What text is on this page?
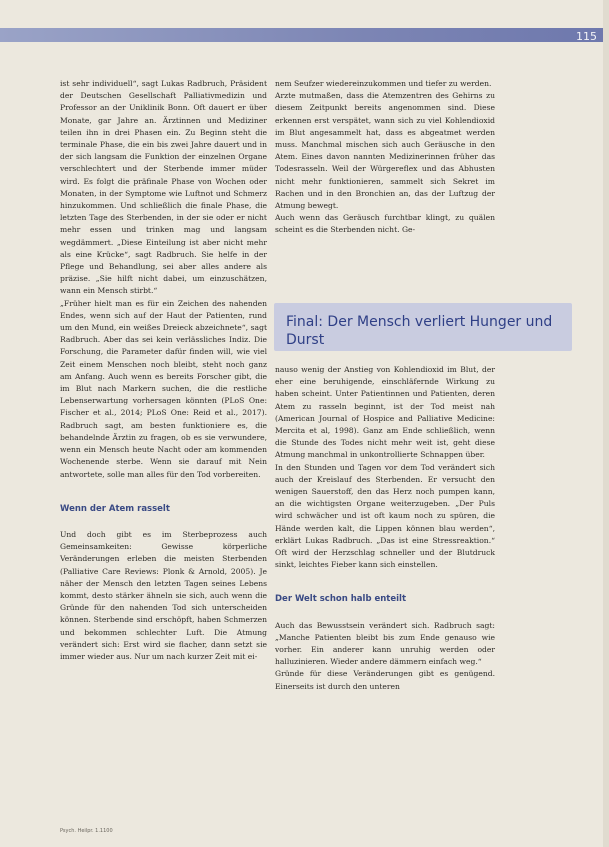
115

ist sehr individuell“, sagt Lukas Radbruch, Präsident der Deutschen Gesellschaft Palliativmedizin und Professor an der Uniklinik Bonn. Oft dauert er über Monate, gar Jahre an. Ärztinnen und Mediziner teilen ihn in drei Phasen ein. Zu Beginn steht die terminale Phase, die ein bis zwei Jahre dauert und in der sich langsam die Funktion der einzelnen Organe verschlechtert und der Sterbende immer müder wird. Es folgt die präfinale Phase von Wochen oder Monaten, in der Symptome wie Luftnot und Schmerz hinzukommen. Und schließlich die finale Phase, die letzten Tage des Sterbenden, in der sie oder er nicht mehr essen und trinken mag und langsam wegdämmert. „Diese Einteilung ist aber nicht mehr als eine Krücke“, sagt Radbruch. Sie helfe in der Pflege und Behandlung, sei aber alles andere als präzise. „Sie hilft nicht dabei, um einzuschätzen, wann ein Mensch stirbt.“

„Früher hielt man es für ein Zeichen des nahenden Endes, wenn sich auf der Haut der Patienten, rund um den Mund, ein weißes Dreieck abzeichnete“, sagt Radbruch. Aber das sei kein verlässliches Indiz. Die Forschung, die Parameter dafür finden will, wie viel Zeit einem Menschen noch bleibt, steht noch ganz am Anfang. Auch wenn es bereits Forscher gibt, die im Blut nach Markern suchen, die die restliche Lebenserwartung vorhersagen könnten (PLoS One: Fischer et al., 2014; PLoS One: Reid et al., 2017). Radbruch sagt, am besten funktioniere es, die behandelnde Ärztin zu fragen, ob es sie verwundere, wenn ein Mensch heute Nacht oder am kommenden Wochenende sterbe. Wenn sie darauf mit Nein antwortete, solle man alles für den Tod vorbereiten.

Wenn der Atem rasselt

Und doch gibt es im Sterbeprozess auch Gemeinsamkeiten: Gewisse körperliche Veränderungen erleben die meisten Sterbenden (Palliative Care Reviews: Plonk & Arnold, 2005). Je näher der Mensch den letzten Tagen seines Lebens kommt, desto stärker ähneln sie sich, auch wenn die Gründe für den nahenden Tod sich unterscheiden können. Sterbende sind erschöpft, haben Schmerzen und bekommen schlechter Luft. Die Atmung verändert sich: Erst wird sie flacher, dann setzt sie immer wieder aus. Nur um nach kurzer Zeit mit ei-

nem Seufzer wiedereinzukommen und tiefer zu werden.

Arzte mutmaßen, dass die Atemzentren des Gehirns zu diesem Zeitpunkt bereits angenommen sind. Diese erkennen erst verspätet, wann sich zu viel Kohlendioxid im Blut angesammelt hat, dass es abgeatmet werden muss. Manchmal mischen sich auch Geräusche in den Atem. Eines davon nannten Medizinerinnen früher das Todesrasseln. Weil der Würgereflex und das Abhusten nicht mehr funktionieren, sammelt sich Sekret im Rachen und in den Bronchien an, das der Luftzug der Atmung bewegt.

Auch wenn das Geräusch furchtbar klingt, zu quälen scheint es die Sterbenden nicht. Ge-

Final: Der Mensch verliert Hunger und Durst

nauso wenig der Anstieg von Kohlendioxid im Blut, der eher eine beruhigende, einschläfernde Wirkung zu haben scheint. Unter Patientinnen und Patienten, deren Atem zu rasseln beginnt, ist der Tod meist nah (American Journal of Hospice and Palliative Medicine: Mercita et al, 1998). Ganz am Ende schließlich, wenn die Stunde des Todes nicht mehr weit ist, geht diese Atmung manchmal in unkontrollierte Schnappen über.

In den Stunden und Tagen vor dem Tod verändert sich auch der Kreislauf des Sterbenden. Er versucht den wenigen Sauerstoff, den das Herz noch pumpen kann, an die wichtigsten Organe weiterzugeben. „Der Puls wird schwächer und ist oft kaum noch zu spüren, die Hände werden kalt, die Lippen können blau werden“, erklärt Lukas Radbruch. „Das ist eine Stressreaktion.“ Oft wird der Herzschlag schneller und der Blutdruck sinkt, leichtes Fieber kann sich einstellen.

Der Welt schon halb enteilt

Auch das Bewusstsein verändert sich. Radbruch sagt: „Manche Patienten bleibt bis zum Ende genauso wie vorher. Ein anderer kann unruhig werden oder halluzinieren. Wieder andere dämmern einfach weg.“

Gründe für diese Veränderungen gibt es genügend. Einerseits ist durch den unteren

Psych. Heilpr. 1.1100
